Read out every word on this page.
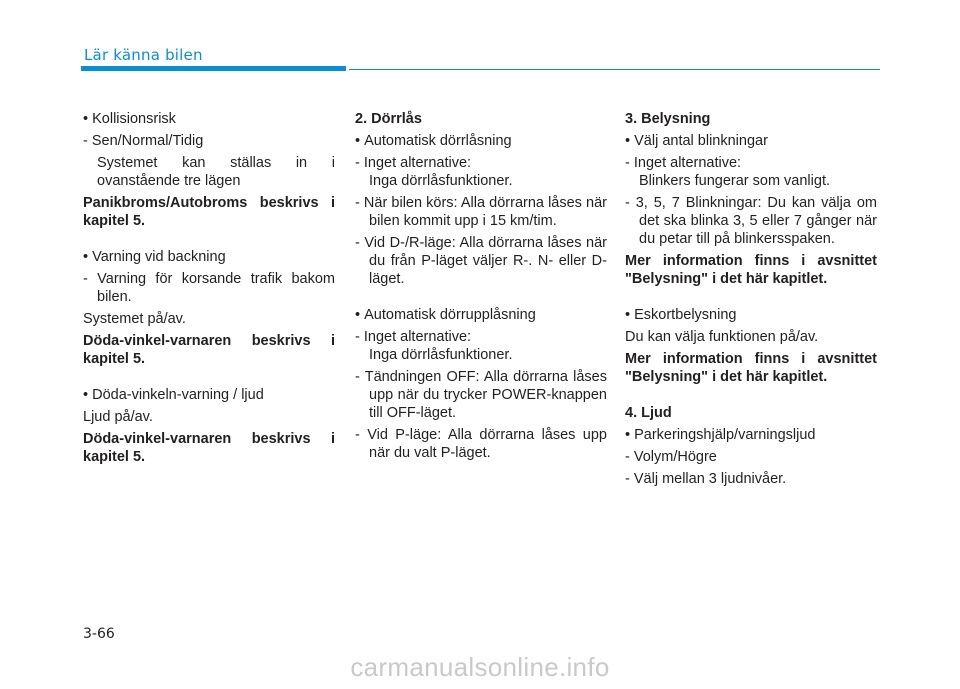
Lär känna bilen

• Kollisionsrisk

- Sen/Normal/Tidig

Systemet kan ställas in i ovanstående tre lägen

Panikbroms/Autobroms beskrivs i kapitel 5.

• Varning vid backning

- Varning för korsande trafik bakom bilen.

Systemet på/av.

Döda-vinkel-varnaren beskrivs i kapitel 5.

• Döda-vinkeln-varning / ljud

Ljud på/av.

Döda-vinkel-varnaren beskrivs i kapitel 5.

2. Dörrlås

• Automatisk dörrlåsning

- Inget alternative:

Inga dörrlåsfunktioner.

- När bilen körs: Alla dörrarna låses när bilen kommit upp i 15 km/tim.

- Vid D-/R-läge: Alla dörrarna låses när du från P-läget väljer R-. N- eller D-läget.

• Automatisk dörrupplåsning

- Inget alternative:

Inga dörrlåsfunktioner.

- Tändningen OFF: Alla dörrarna låses upp när du trycker POWER-knappen till OFF-läget.

- Vid P-läge: Alla dörrarna låses upp när du valt P-läget.

3. Belysning

• Välj antal blinkningar

- Inget alternative:

Blinkers fungerar som vanligt.

- 3, 5, 7 Blinkningar: Du kan välja om det ska blinka 3, 5 eller 7 gånger när du petar till på blinkersspaken.

Mer information finns i avsnittet "Belysning" i det här kapitlet.

• Eskortbelysning

Du kan välja funktionen på/av.

Mer information finns i avsnittet "Belysning" i det här kapitlet.

4. Ljud

• Parkeringshjälp/varningsljud

- Volym/Högre

- Välj mellan 3 ljudnivåer.

3-66
carmanualsonline.info
